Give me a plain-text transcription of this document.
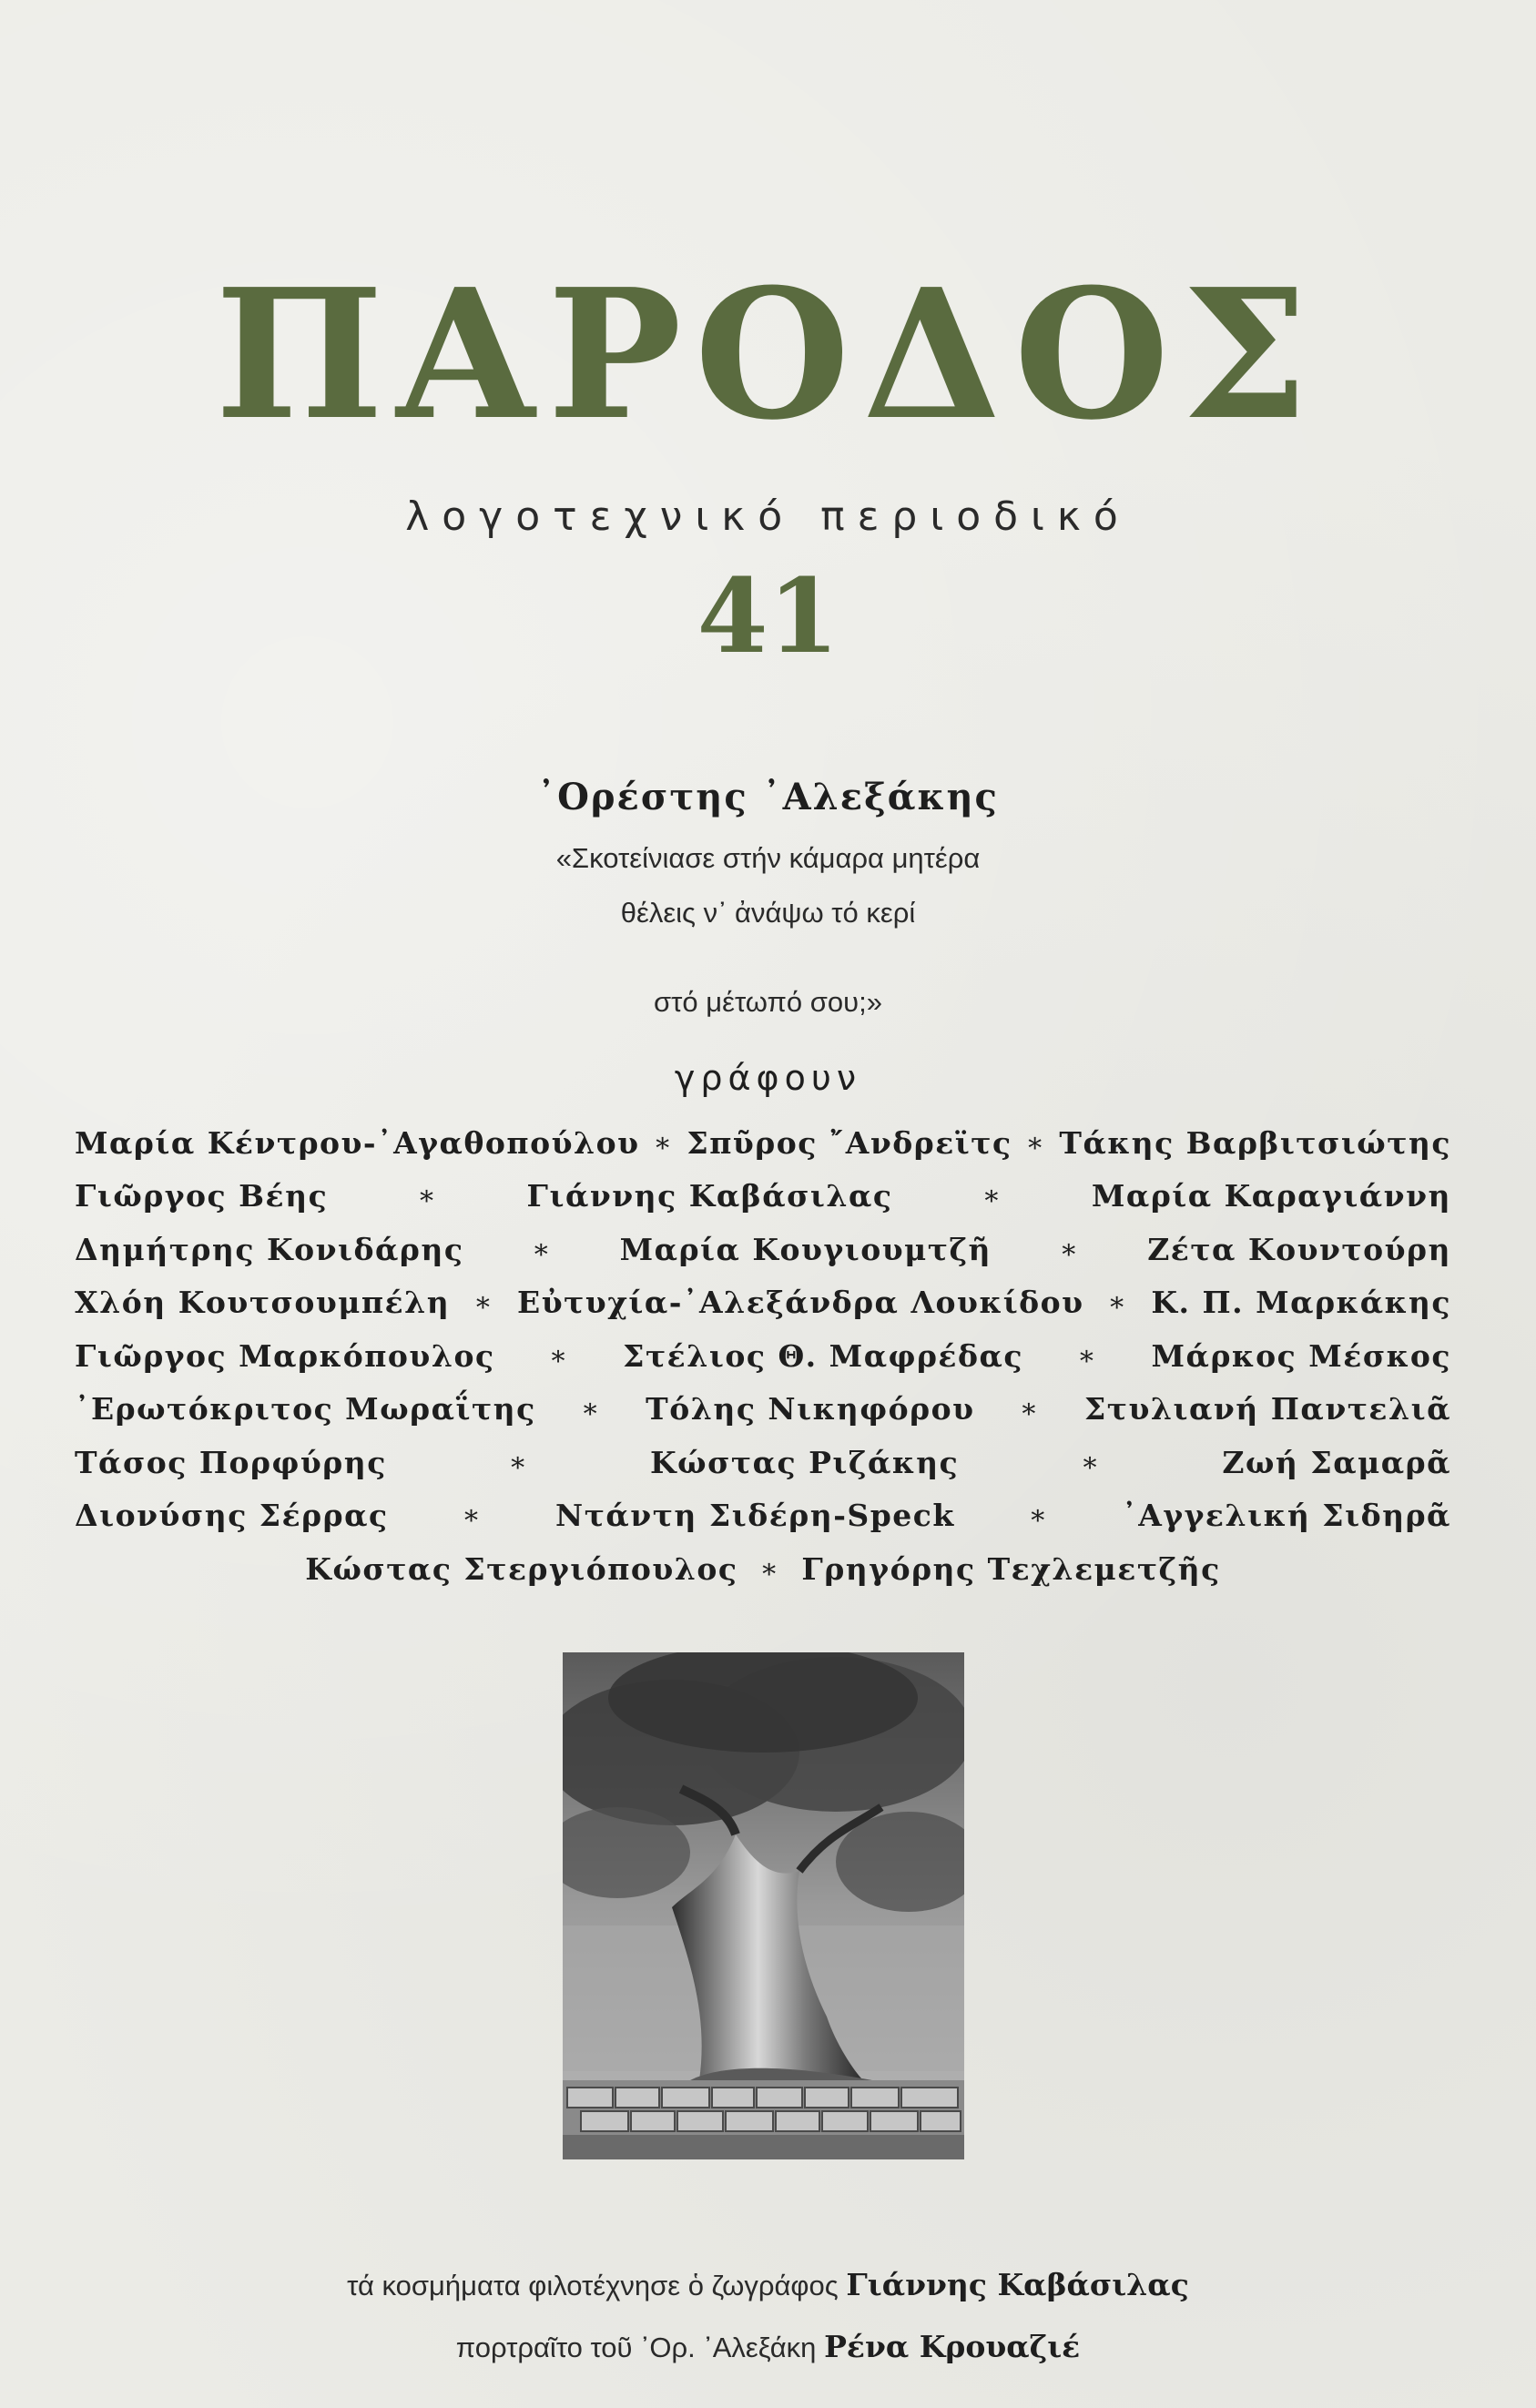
ΠΑΡΟΔΟΣ
λογοτεχνικό περιοδικό
41
᾿Ορέστης ᾿Αλεξάκης
«Σκοτείνιασε στήν κάμαρα μητέρα
θέλεις ν᾿ ἀνάψω τό κερί
στό μέτωπό σου;»
γράφουν
Μαρία Κέντρου-᾿Αγαθοπούλου ∗ Σπῦρος ῎Ανδρεϊτς ∗ Τάκης Βαρβιτσιώτης
Γιῶργος Βέης	∗	Γιάννης Καβάσιλας	∗	Μαρία Καραγιάννη
Δημήτρης Κονιδάρης ∗ Μαρία Κουγιουμτζῆ ∗ Ζέτα Κουντούρη
Χλόη Κουτσουμπέλη ∗ Εὐτυχία-᾿Αλεξάνδρα Λουκίδου ∗ Κ. Π. Μαρκάκης
Γιῶργος Μαρκόπουλος ∗ Στέλιος Θ. Μαφρέδας ∗ Μάρκος Μέσκος
᾿Ερωτόκριτος Μωραΐτης ∗ Τόλης Νικηφόρου ∗ Στυλιανή Παντελιᾶ
Τάσος Πορφύρης	∗	Κώστας Ριζάκης	∗	Ζωή Σαμαρᾶ
Διονύσης Σέρρας	∗ Ντάντη Σιδέρη-Speck	∗ ᾿Αγγελική Σιδηρᾶ
Κώστας Στεργιόπουλος ∗ Γρηγόρης Τεχλεμετζῆς
τά κοσμήματα φιλοτέχνησε ὁ ζωγράφος Γιάννης Καβάσιλας
πορτραῖτο τοῦ ᾿Ορ. ᾿Αλεξάκη Ρένα Κρουαζιέ
